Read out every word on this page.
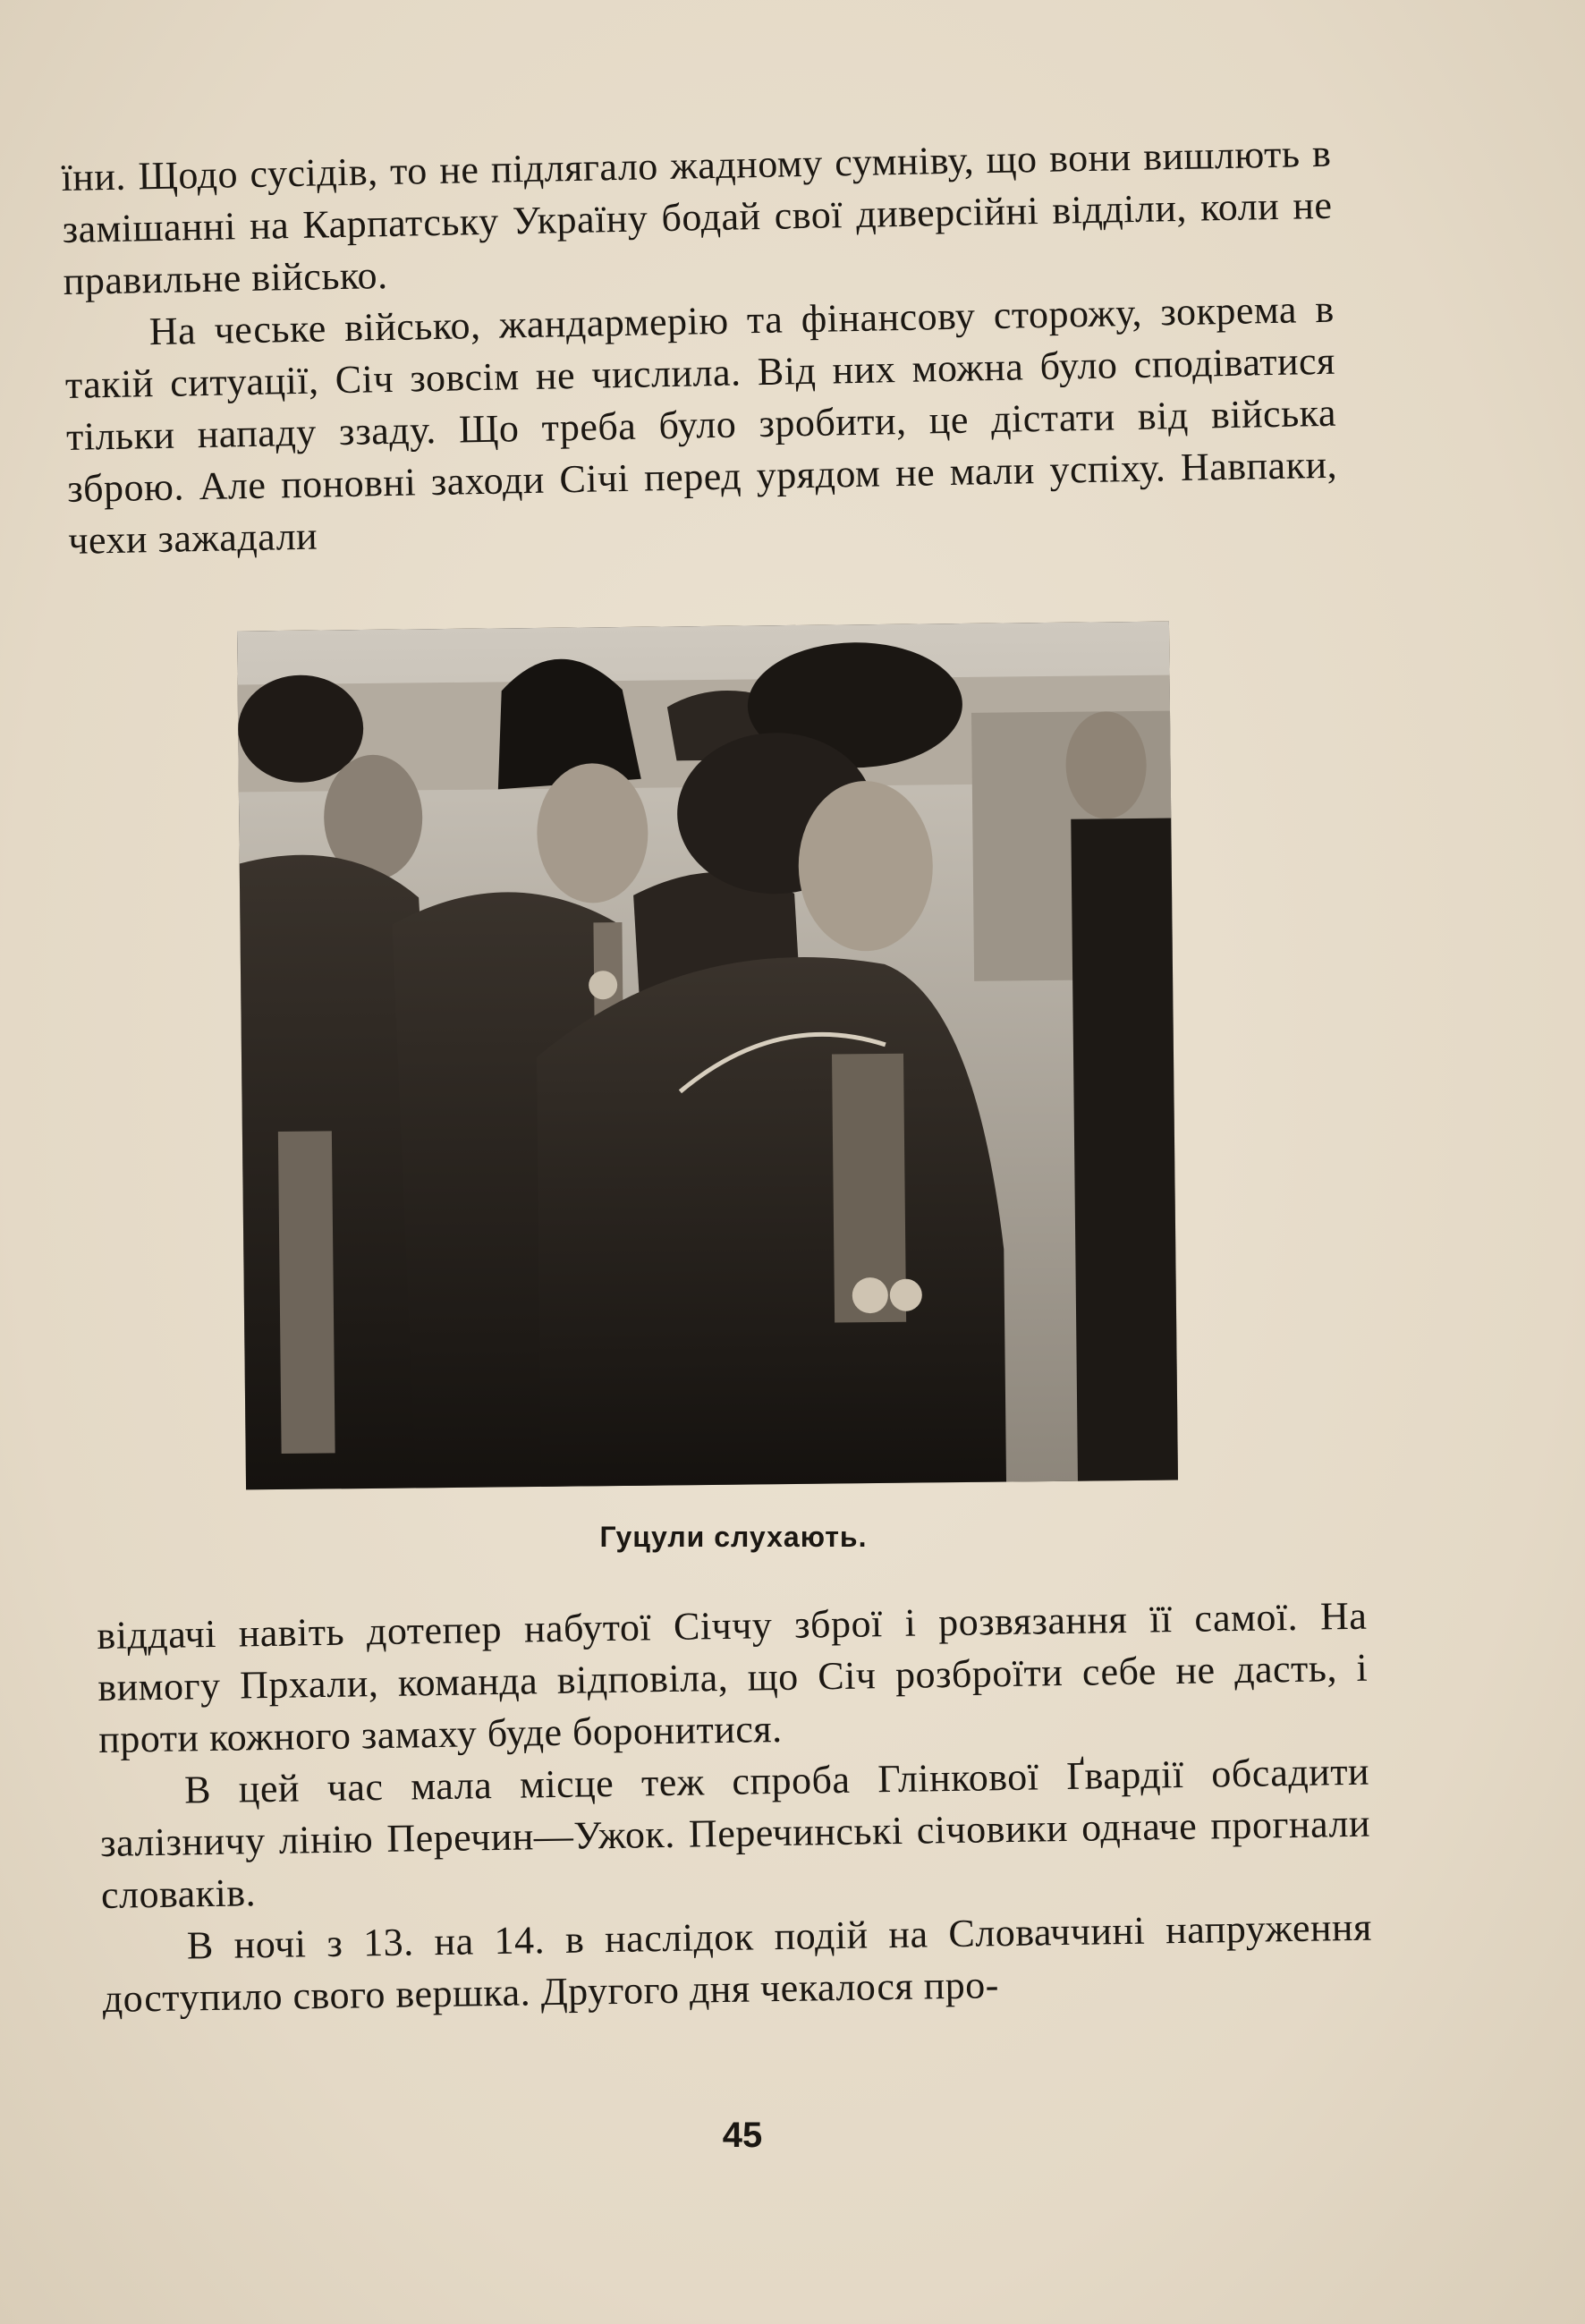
їни. Щодо сусідів, то не підлягало жадному сумніву, що вони вишлють в замішанні на Карпатську Україну бодай свої диверсійні відділи, коли не правильне військо.

На чеське військо, жандармерію та фінансову сторожу, зокрема в такій ситуації, Січ зовсім не числила. Від них можна було сподіватися тільки нападу ззаду. Що треба було зробити, це дістати від війська зброю. Але поновні заходи Січі перед урядом не мали успіху. Навпаки, чехи зажадали

Гуцули слухають.

віддачі навіть дотепер набутої Січчу зброї і розвязання її самої. На вимогу Прхали, команда відповіла, що Січ розброїти себе не дасть, і проти кожного замаху буде боронитися.

В цей час мала місце теж спроба Глінкової Ґвардії обсадити залізничу лінію Перечин—Ужок. Перечинські січовики одначе прогнали словаків.

В ночі з 13. на 14. в наслідок подій на Словаччині напруження доступило свого вершка. Другого дня чекалося про-

45
